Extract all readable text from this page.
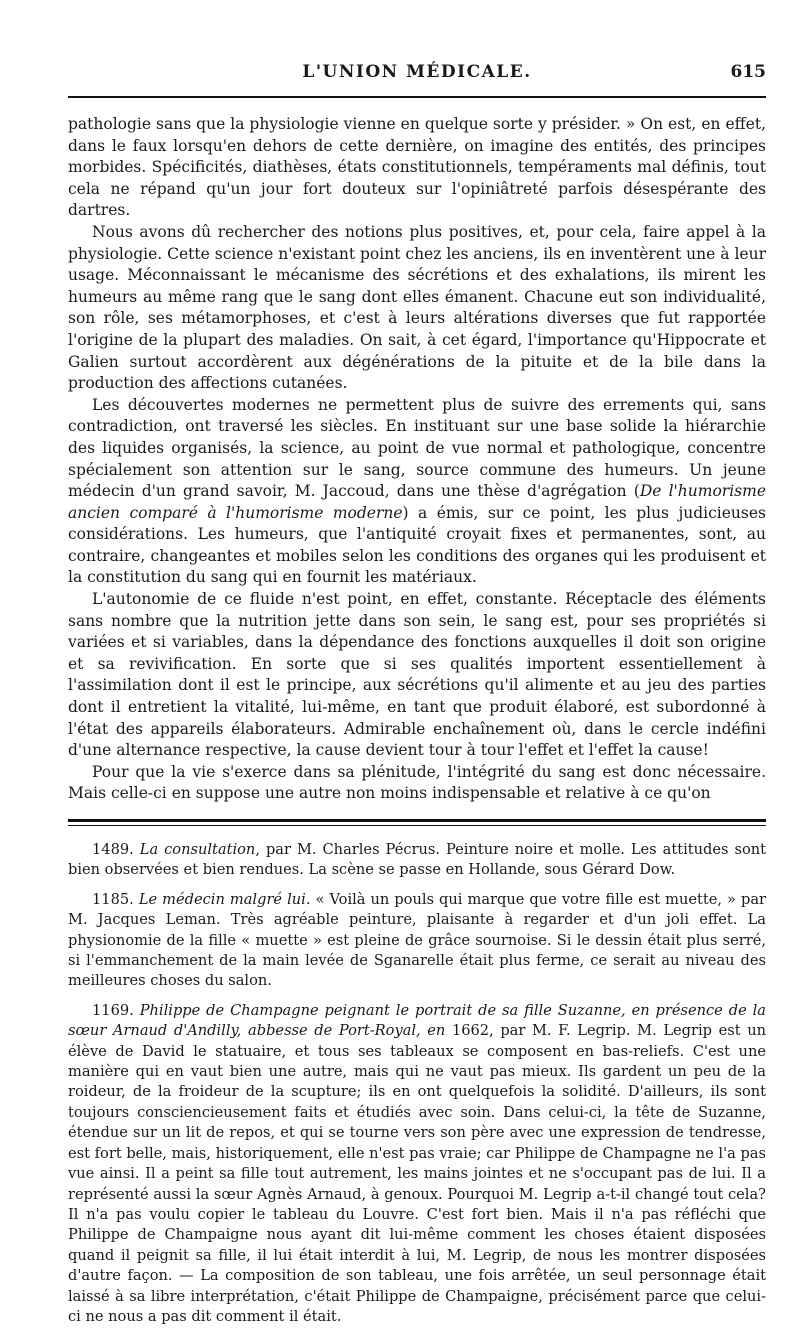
L'UNION MÉDICALE.	615

pathologie sans que la physiologie vienne en quelque sorte y présider. » On est, en effet, dans le faux lorsqu'en dehors de cette dernière, on imagine des entités, des principes morbides. Spécificités, diathèses, états constitutionnels, tempéraments mal définis, tout cela ne répand qu'un jour fort douteux sur l'opiniâtreté parfois désespérante des dartres.

Nous avons dû rechercher des notions plus positives, et, pour cela, faire appel à la physiologie. Cette science n'existant point chez les anciens, ils en inventèrent une à leur usage. Méconnaissant le mécanisme des sécrétions et des exhalations, ils mirent les humeurs au même rang que le sang dont elles émanent. Chacune eut son individualité, son rôle, ses métamorphoses, et c'est à leurs altérations diverses que fut rapportée l'origine de la plupart des maladies. On sait, à cet égard, l'importance qu'Hippocrate et Galien surtout accordèrent aux dégénérations de la pituite et de la bile dans la production des affections cutanées.

Les découvertes modernes ne permettent plus de suivre des errements qui, sans contradiction, ont traversé les siècles. En instituant sur une base solide la hiérarchie des liquides organisés, la science, au point de vue normal et pathologique, concentre spécialement son attention sur le sang, source commune des humeurs. Un jeune médecin d'un grand savoir, M. Jaccoud, dans une thèse d'agrégation (De l'humorisme ancien comparé à l'humorisme moderne) a émis, sur ce point, les plus judicieuses considérations. Les humeurs, que l'antiquité croyait fixes et permanentes, sont, au contraire, changeantes et mobiles selon les conditions des organes qui les produisent et la constitution du sang qui en fournit les matériaux.

L'autonomie de ce fluide n'est point, en effet, constante. Réceptacle des éléments sans nombre que la nutrition jette dans son sein, le sang est, pour ses propriétés si variées et si variables, dans la dépendance des fonctions auxquelles il doit son origine et sa revivification. En sorte que si ses qualités importent essentiellement à l'assimilation dont il est le principe, aux sécrétions qu'il alimente et au jeu des parties dont il entretient la vitalité, lui-même, en tant que produit élaboré, est subordonné à l'état des appareils élaborateurs. Admirable enchaînement où, dans le cercle indéfini d'une alternance respective, la cause devient tour à tour l'effet et l'effet la cause!

Pour que la vie s'exerce dans sa plénitude, l'intégrité du sang est donc nécessaire. Mais celle-ci en suppose une autre non moins indispensable et relative à ce qu'on

1489. La consultation, par M. Charles Pécrus. Peinture noire et molle. Les attitudes sont bien observées et bien rendues. La scène se passe en Hollande, sous Gérard Dow.

1185. Le médecin malgré lui. « Voilà un pouls qui marque que votre fille est muette, » par M. Jacques Leman. Très agréable peinture, plaisante à regarder et d'un joli effet. La physionomie de la fille « muette » est pleine de grâce sournoise. Si le dessin était plus serré, si l'emmanchement de la main levée de Sganarelle était plus ferme, ce serait au niveau des meilleures choses du salon.

1169. Philippe de Champagne peignant le portrait de sa fille Suzanne, en présence de la sœur Arnaud d'Andilly, abbesse de Port-Royal, en 1662, par M. F. Legrip. M. Legrip est un élève de David le statuaire, et tous ses tableaux se composent en bas-reliefs. C'est une manière qui en vaut bien une autre, mais qui ne vaut pas mieux. Ils gardent un peu de la roideur, de la froideur de la scupture; ils en ont quelquefois la solidité. D'ailleurs, ils sont toujours consciencieusement faits et étudiés avec soin. Dans celui-ci, la tête de Suzanne, étendue sur un lit de repos, et qui se tourne vers son père avec une expression de tendresse, est fort belle, mais, historiquement, elle n'est pas vraie; car Philippe de Champagne ne l'a pas vue ainsi. Il a peint sa fille tout autrement, les mains jointes et ne s'occupant pas de lui. Il a représenté aussi la sœur Agnès Arnaud, à genoux. Pourquoi M. Legrip a-t-il changé tout cela? Il n'a pas voulu copier le tableau du Louvre. C'est fort bien. Mais il n'a pas réfléchi que Philippe de Champaigne nous ayant dit lui-même comment les choses étaient disposées quand il peignit sa fille, il lui était interdit à lui, M. Legrip, de nous les montrer disposées d'autre façon. — La composition de son tableau, une fois arrêtée, un seul personnage était laissé à sa libre interprétation, c'était Philippe de Champaigne, précisément parce que celui-ci ne nous a pas dit comment il était.
